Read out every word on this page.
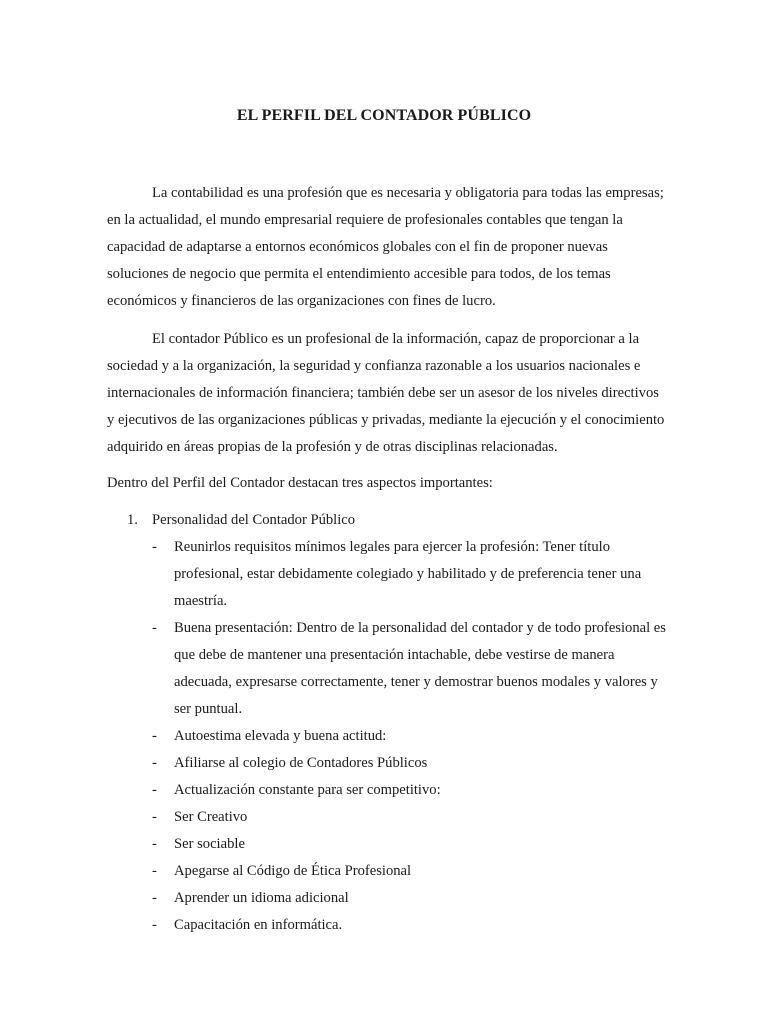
EL PERFIL DEL CONTADOR PÚBLICO

La contabilidad es una profesión que es necesaria y obligatoria para todas las empresas; en la actualidad, el mundo empresarial requiere de profesionales contables que tengan la capacidad de adaptarse a entornos económicos globales con el fin de proponer nuevas soluciones de negocio que permita el entendimiento accesible para todos, de los temas económicos y financieros de las organizaciones con fines de lucro.

El contador Público es un profesional de la información, capaz de proporcionar a la sociedad y a la organización, la seguridad y confianza razonable a los usuarios nacionales e internacionales de información financiera; también debe ser un asesor de los niveles directivos y ejecutivos de las organizaciones públicas y privadas, mediante la ejecución y el conocimiento adquirido en áreas propias de la profesión y de otras disciplinas relacionadas.

Dentro del Perfil del Contador destacan tres aspectos importantes:

1. Personalidad del Contador Público
- Reunirlos requisitos mínimos legales para ejercer la profesión: Tener título profesional, estar debidamente colegiado y habilitado y de preferencia tener una maestría.
- Buena presentación: Dentro de la personalidad del contador y de todo profesional es que debe de mantener una presentación intachable, debe vestirse de manera adecuada, expresarse correctamente, tener y demostrar buenos modales y valores y ser puntual.
- Autoestima elevada y buena actitud:
- Afiliarse al colegio de Contadores Públicos
- Actualización constante para ser competitivo:
- Ser Creativo
- Ser sociable
- Apegarse al Código de Ética Profesional
- Aprender un idioma adicional
- Capacitación en informática.
